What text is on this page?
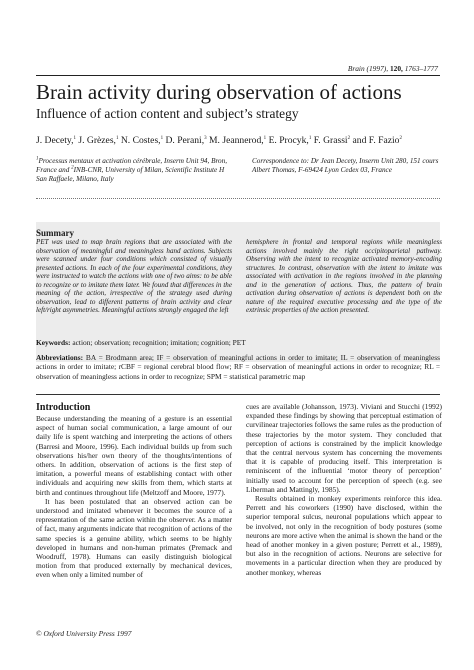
Brain (1997), 120, 1763–1777
Brain activity during observation of actions
Influence of action content and subject’s strategy
J. Decety,$^1$ J. Grèzes,$^1$ N. Costes,$^1$ D. Perani,$^3$ M. Jeannerod,$^1$ E. Procyk,$^1$ F. Grassi$^2$ and F. Fazio$^2$
$^1$Processus mentaux et activation cérébrale, Inserm Unit 94, Bron, France and $^2$INB-CNR, University of Milan, Scientific Institute H San Raffaele, Milano, Italy
Correspondence to: Dr Jean Decety, Inserm Unit 280, 151 cours Albert Thomas, F-69424 Lyon Cedex 03, France
Summary
PET was used to map brain regions that are associated with the observation of meaningful and meaningless hand actions. Subjects were scanned under four conditions which consisted of visually presented actions. In each of the four experimental conditions, they were instructed to watch the actions with one of two aims: to be able to recognize or to imitate them later. We found that differences in the meaning of the action, irrespective of the strategy used during observation, lead to different patterns of brain activity and clear left/right asymmetries. Meaningful actions strongly engaged the left
hemisphere in frontal and temporal regions while meaningless actions involved mainly the right occipitoparietal pathway. Observing with the intent to recognize activated memory-encoding structures. In contrast, observation with the intent to imitate was associated with activation in the regions involved in the planning and in the generation of actions. Thus, the pattern of brain activation during observation of actions is dependent both on the nature of the required executive processing and the type of the extrinsic properties of the action presented.
Keywords: action; observation; recognition; imitation; cognition; PET
Abbreviations: BA = Brodmann area; IF = observation of meaningful actions in order to imitate; IL = observation of meaningless actions in order to imitate; rCBF = regional cerebral blood flow; RF = observation of meaningful actions in order to recognize; RL = observation of meaningless actions in order to recognize; SPM = statistical parametric map
Introduction

Because understanding the meaning of a gesture is an essential aspect of human social communication, a large amount of our daily life is spent watching and interpreting the actions of others (Barresi and Moore, 1996). Each individual builds up from such observations his/her own theory of the thoughts/intentions of others. In addition, observation of actions is the first step of imitation, a powerful means of establishing contact with other individuals and acquiring new skills from them, which starts at birth and continues throughout life (Meltzoff and Moore, 1977).

It has been postulated that an observed action can be understood and imitated whenever it becomes the source of a representation of the same action within the observer. As a matter of fact, many arguments indicate that recognition of actions of the same species is a genuine ability, which seems to be highly developed in humans and non-human primates (Premack and Woodruff, 1978). Humans can easily distinguish biological motion from that produced externally by mechanical devices, even when only a limited number of

cues are available (Johansson, 1973). Viviani and Stucchi (1992) expanded these findings by showing that perceptual estimation of curvilinear trajectories follows the same rules as the production of these trajectories by the motor system. They concluded that perception of actions is constrained by the implicit knowledge that the central nervous system has concerning the movements that it is capable of producing itself. This interpretation is reminiscent of the influential ‘motor theory of perception’ initially used to account for the perception of speech (e.g. see Liberman and Mattingly, 1985).

Results obtained in monkey experiments reinforce this idea. Perrett and his coworkers (1990) have disclosed, within the superior temporal sulcus, neuronal populations which appear to be involved, not only in the recognition of body postures (some neurons are more active when the animal is shown the hand or the head of another monkey in a given posture; Perrett et al., 1989), but also in the recognition of actions. Neurons are selective for movements in a particular direction when they are produced by another monkey, whereas

© Oxford University Press 1997
